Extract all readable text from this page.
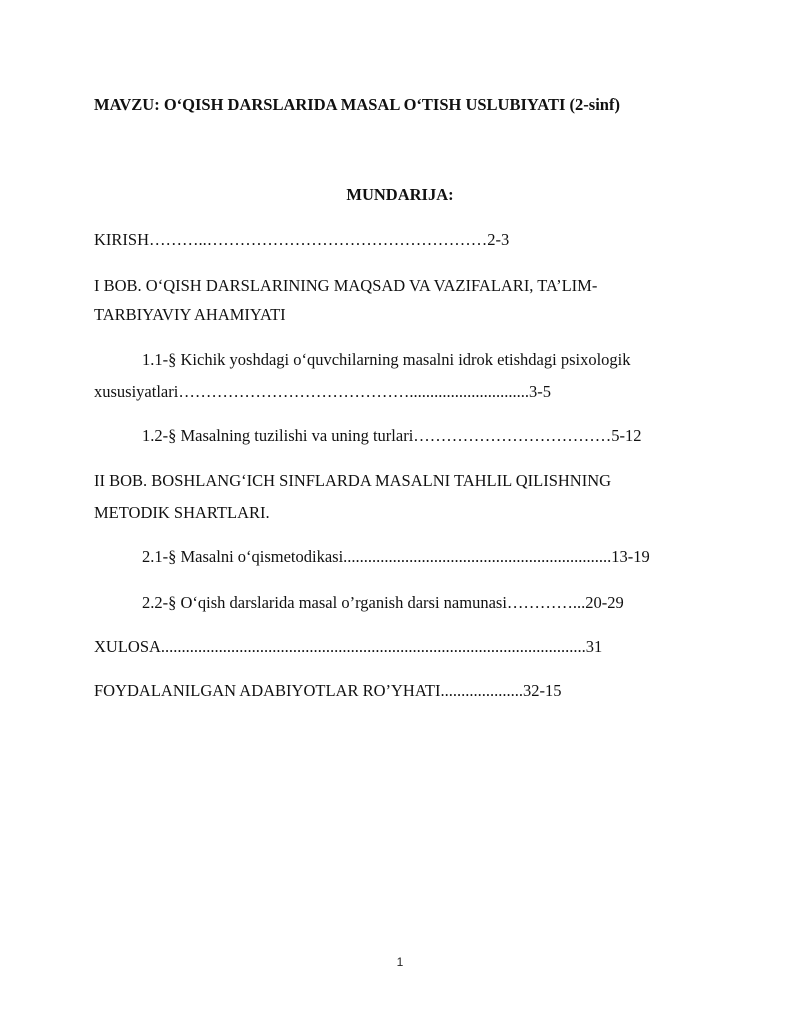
MAVZU: O‘QISH DARSLARIDA MASAL O‘TISH USLUBIYATI (2-sinf)
MUNDARIJA:
KIRISH………..……………………………………………2-3
I BOB. O‘QISH DARSLARINING MAQSAD VA VAZIFALARI, TA’LIM-
TARBIYAVIY AHAMIYATI
1.1-§ Kichik yoshdagi o‘quvchilarning masalni idrok etishdagi psixologik
xususiyatlari…………………………………….............................3-5
1.2-§ Masalning tuzilishi va uning turlari………………………………5-12
II BOB. BOSHLANG‘ICH SINFLARDA MASALNI TAHLIL QILISHNING
METODIK SHARTLARI.
2.1-§ Masalni o‘qismetodikasi.................................................................13-19
2.2-§ O‘qish darslarida masal o’rganish darsi namunasi…………...20-29
XULOSA.......................................................................................................31
FOYDALANILGAN ADABIYOTLAR RO’YHATI....................32-15
1
